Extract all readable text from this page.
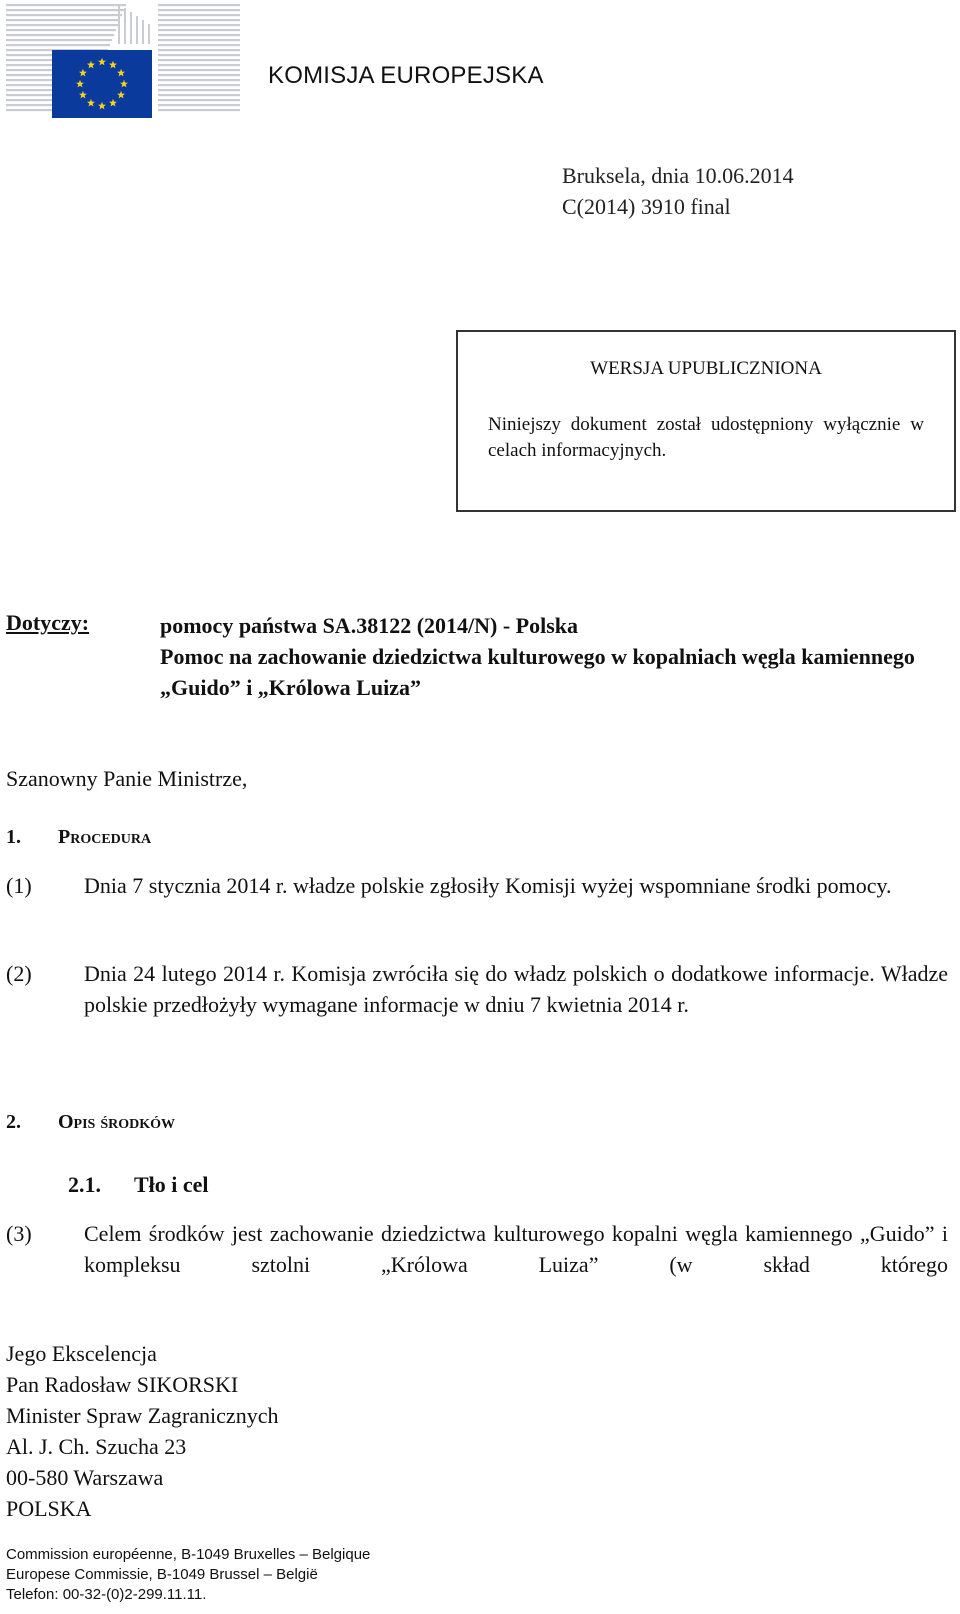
KOMISJA EUROPEJSKA
Bruksela, dnia 10.06.2014
C(2014) 3910 final
WERSJA UPUBLICZNIONA
Niniejszy dokument został udostępniony wyłącznie w celach informacyjnych.
Dotyczy:	pomocy państwa SA.38122 (2014/N) - Polska
Pomoc na zachowanie dziedzictwa kulturowego w kopalniach węgla kamiennego „Guido” i „Królowa Luiza”
Szanowny Panie Ministrze,
1. Procedura
(1) Dnia 7 stycznia 2014 r. władze polskie zgłosiły Komisji wyżej wspomniane środki pomocy.
(2) Dnia 24 lutego 2014 r. Komisja zwróciła się do władz polskich o dodatkowe informacje. Władze polskie przedłożyły wymagane informacje w dniu 7 kwietnia 2014 r.
2. Opis środków
2.1. Tło i cel
(3) Celem środków jest zachowanie dziedzictwa kulturowego kopalni węgla kamiennego „Guido” i kompleksu sztolni „Królowa Luiza” (w skład którego
Jego Ekscelencja
Pan Radosław SIKORSKI
Minister Spraw Zagranicznych
Al. J. Ch. Szucha 23
00-580 Warszawa
POLSKA
Commission européenne, B-1049 Bruxelles – Belgique
Europese Commissie, B-1049 Brussel – België
Telefon: 00-32-(0)2-299.11.11.
